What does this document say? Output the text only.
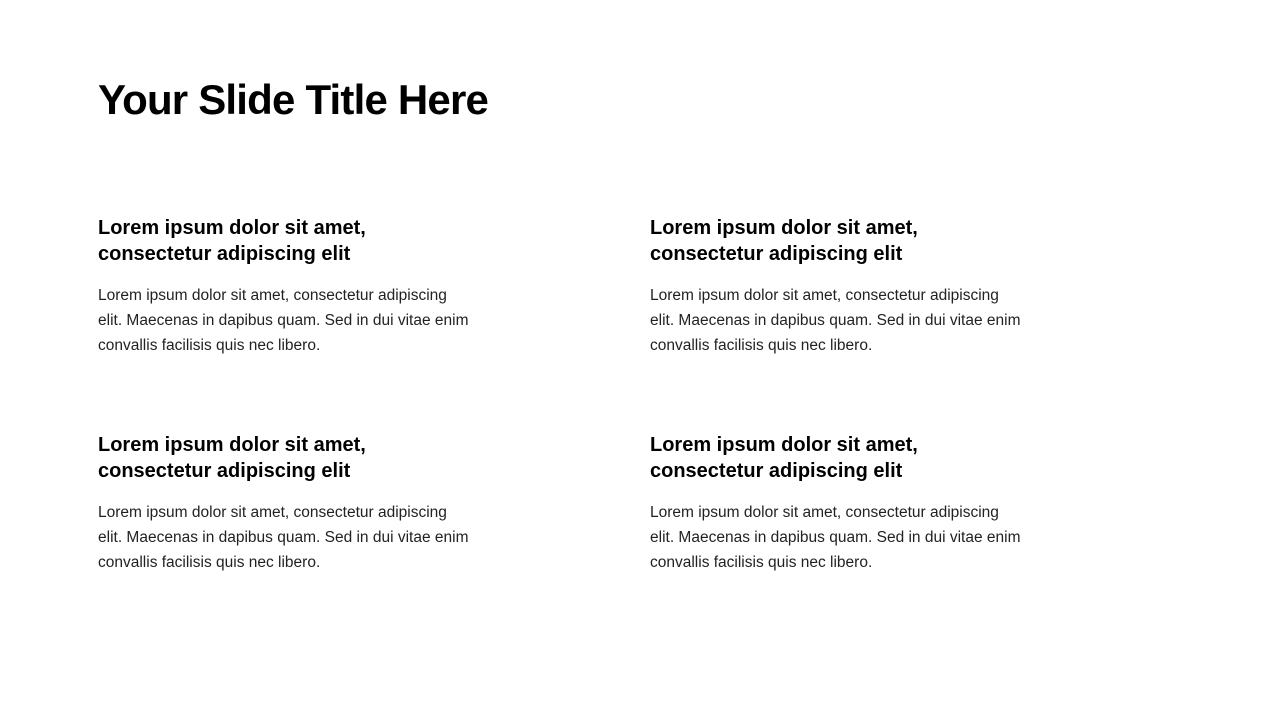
Your Slide Title Here
Lorem ipsum dolor sit amet, consectetur adipiscing elit

Lorem ipsum dolor sit amet, consectetur adipiscing elit. Maecenas in dapibus quam. Sed in dui vitae enim convallis facilisis quis nec libero.

Lorem ipsum dolor sit amet, consectetur adipiscing elit

Lorem ipsum dolor sit amet, consectetur adipiscing elit. Maecenas in dapibus quam. Sed in dui vitae enim convallis facilisis quis nec libero.

Lorem ipsum dolor sit amet, consectetur adipiscing elit

Lorem ipsum dolor sit amet, consectetur adipiscing elit. Maecenas in dapibus quam. Sed in dui vitae enim convallis facilisis quis nec libero.

Lorem ipsum dolor sit amet, consectetur adipiscing elit

Lorem ipsum dolor sit amet, consectetur adipiscing elit. Maecenas in dapibus quam. Sed in dui vitae enim convallis facilisis quis nec libero.
